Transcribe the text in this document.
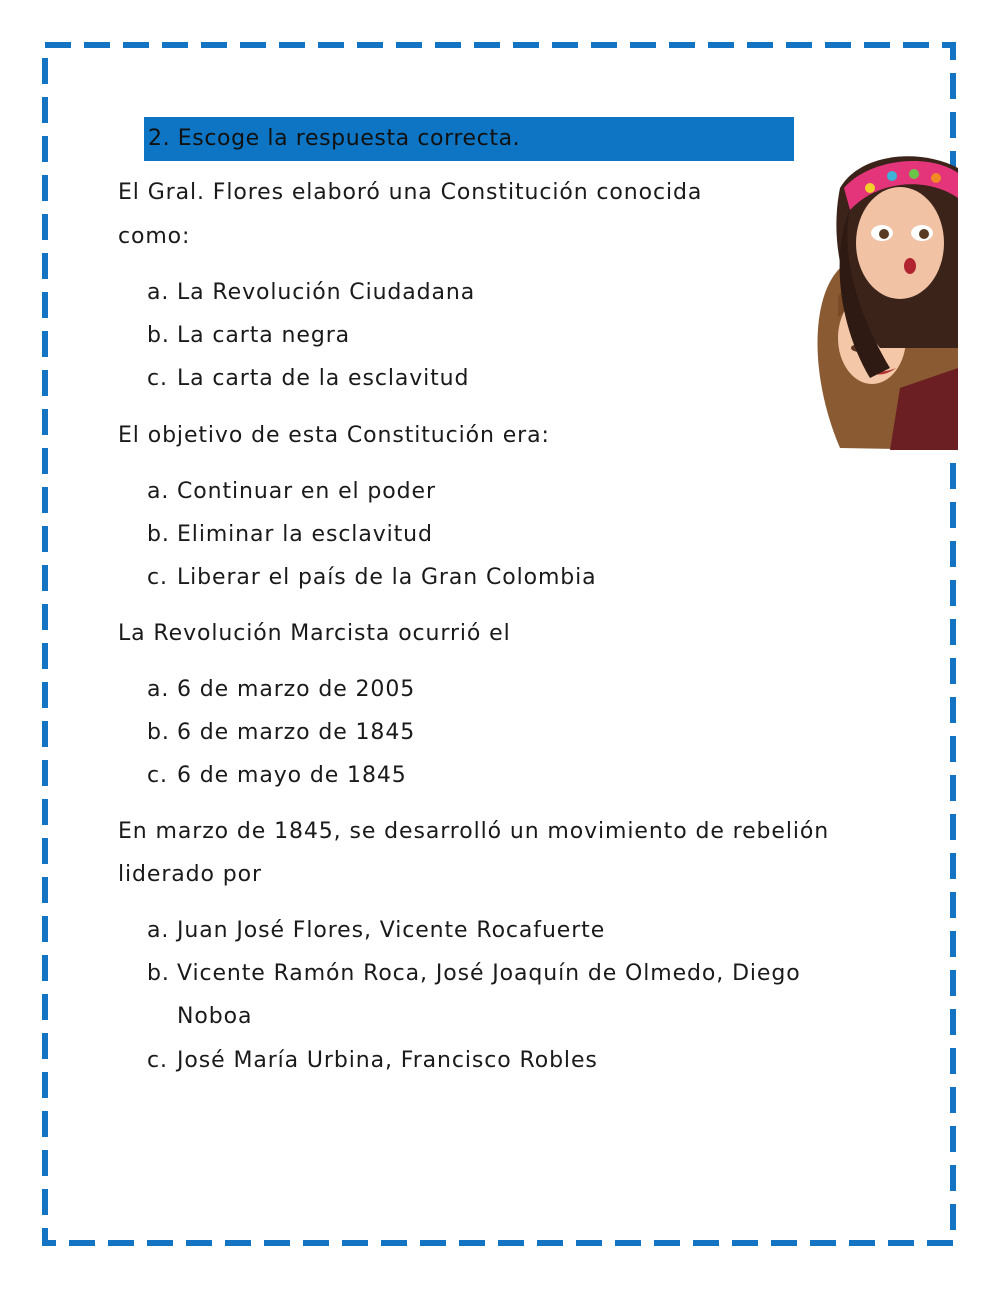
2. Escoge la respuesta correcta.
El Gral. Flores elaboró una Constitución conocida
como:
a. La Revolución Ciudadana
b. La carta negra
c. La carta de la esclavitud
El objetivo de esta Constitución era:
a. Continuar en el poder
b. Eliminar la esclavitud
c. Liberar el país de la Gran Colombia
La Revolución Marcista ocurrió el
a. 6 de marzo de 2005
b. 6 de marzo de 1845
c. 6 de mayo de 1845
En marzo de 1845, se desarrolló un movimiento de rebelión
liderado por
a. Juan José Flores, Vicente Rocafuerte
b. Vicente Ramón Roca, José Joaquín de Olmedo, Diego
Noboa
c. José María Urbina, Francisco Robles
